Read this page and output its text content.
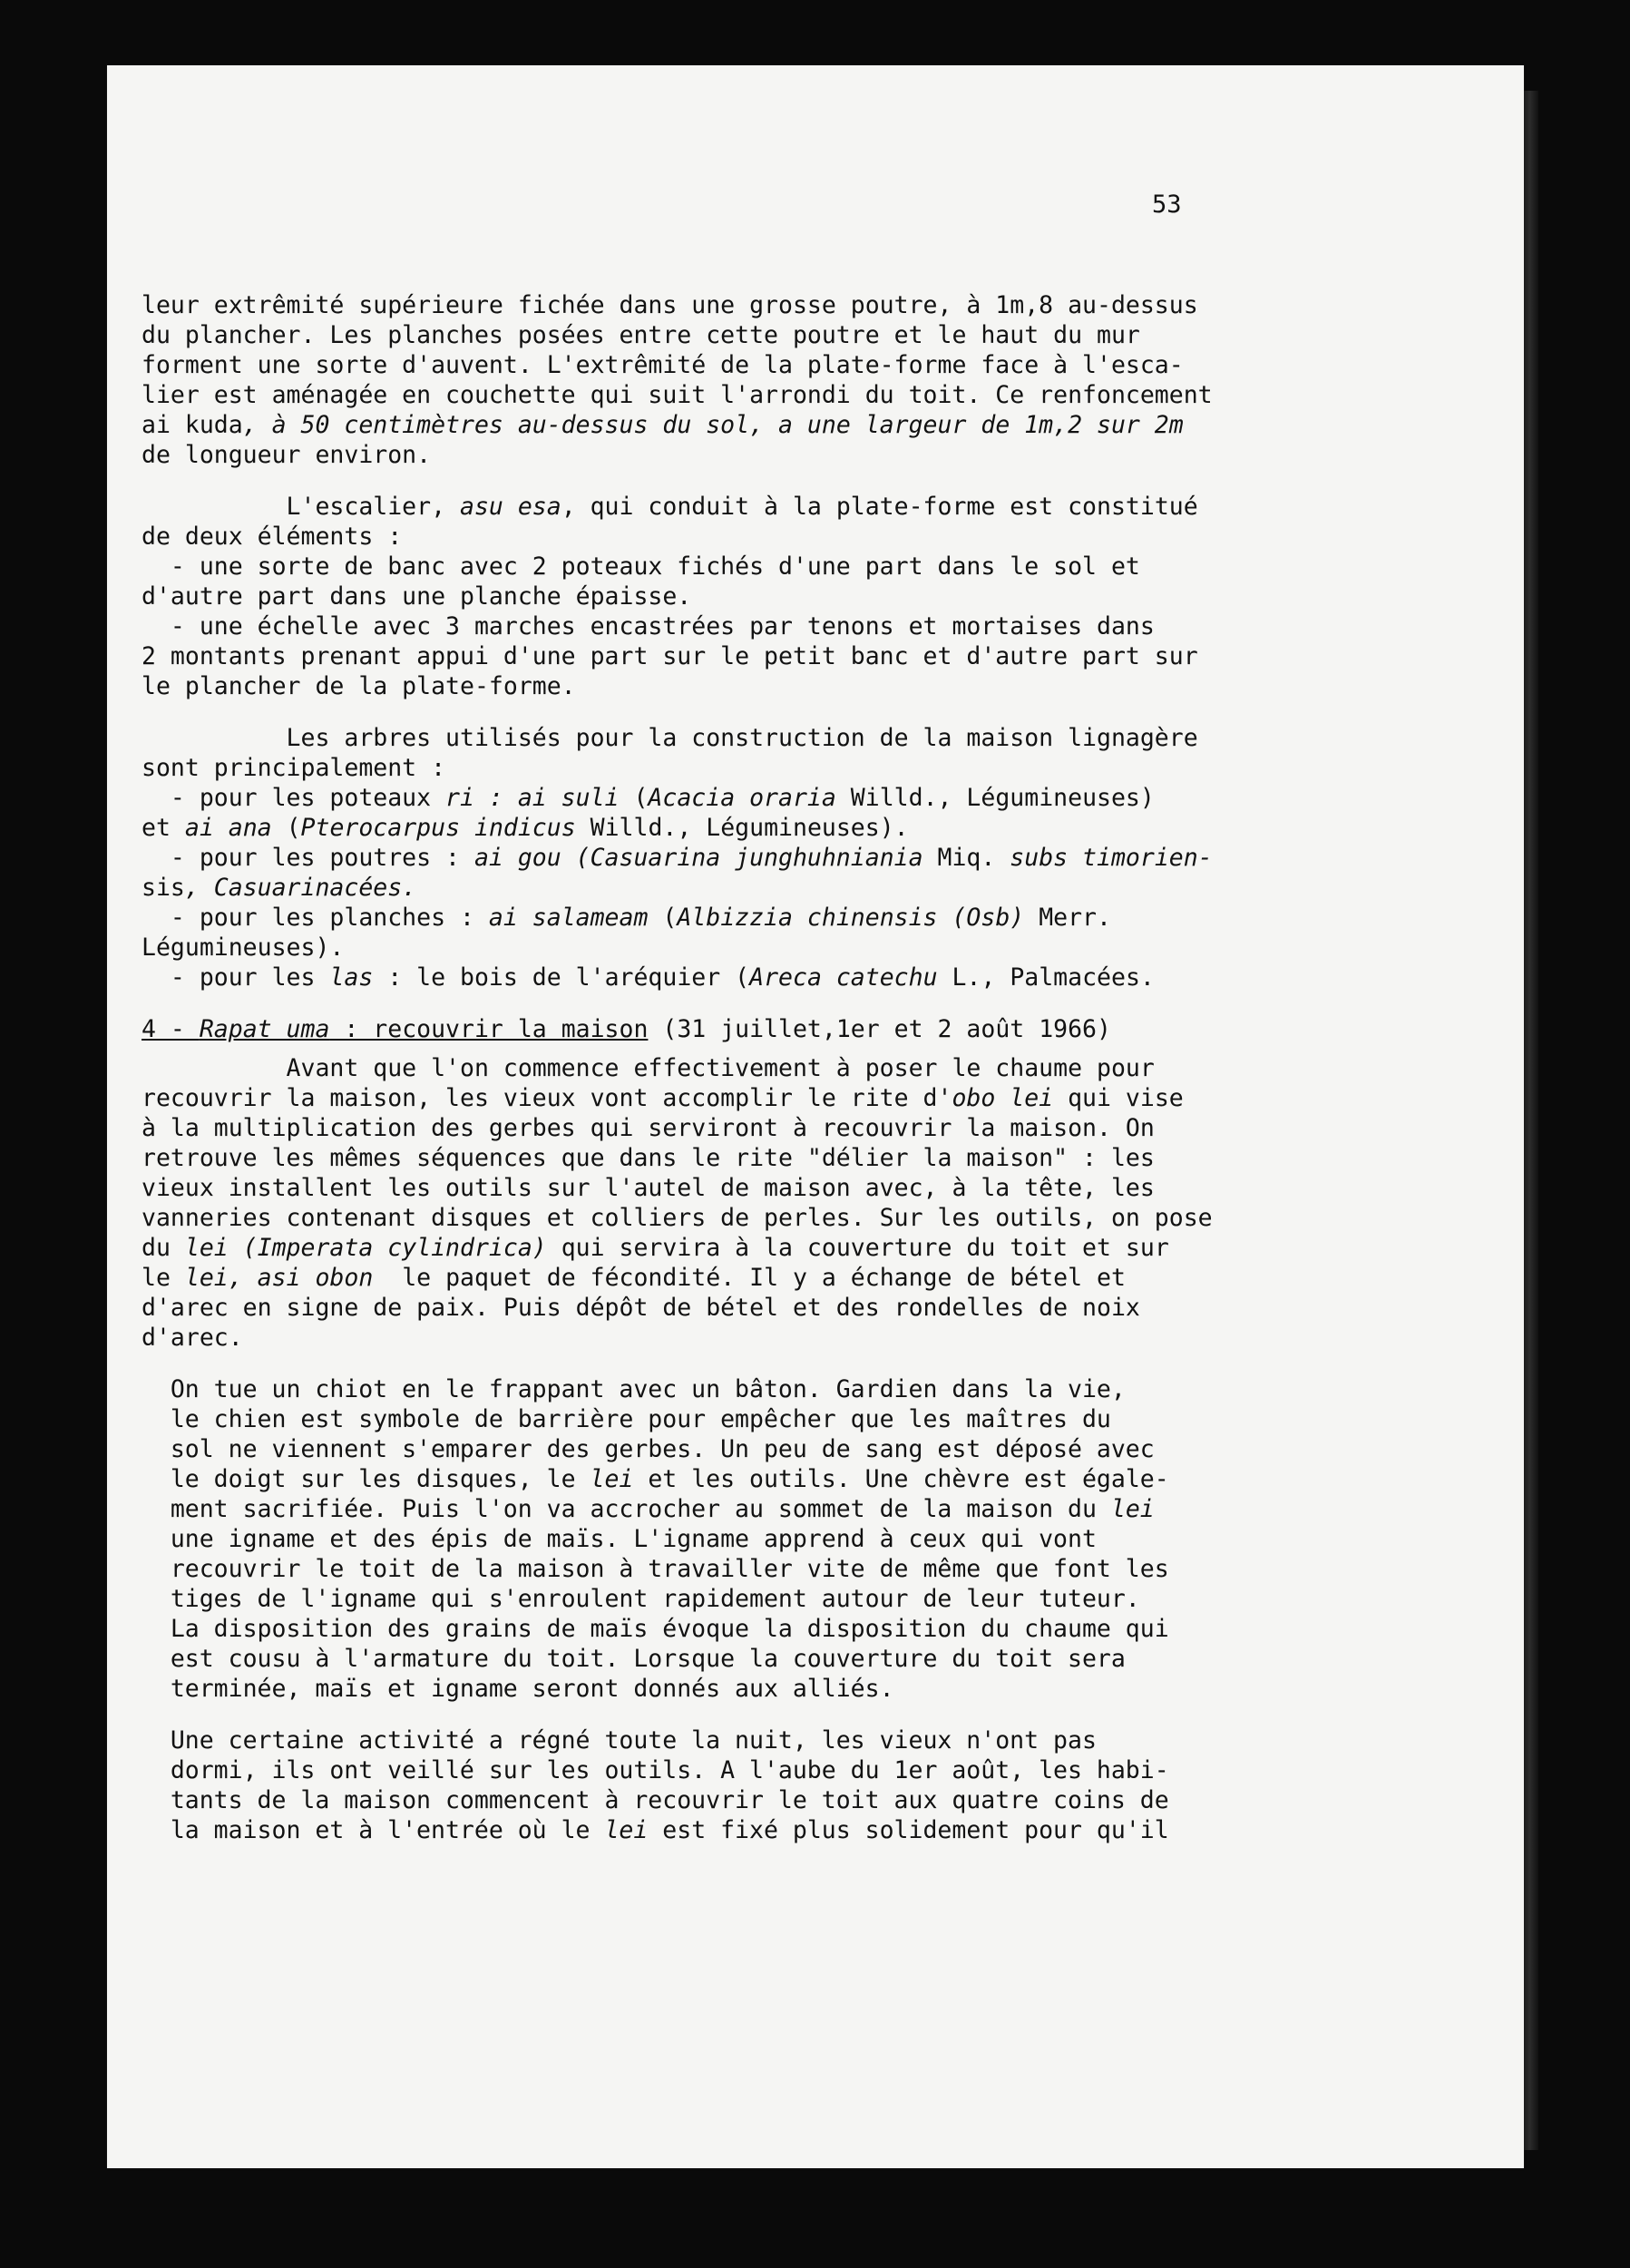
53
leur extrêmité supérieure fichée dans une grosse poutre, à 1m,8 au-dessus
du plancher. Les planches posées entre cette poutre et le haut du mur
forment une sorte d'auvent. L'extrêmité de la plate-forme face à l'esca-
lier est aménagée en couchette qui suit l'arrondi du toit. Ce renfoncement
ai kuda, à 50 centimètres au-dessus du sol, a une largeur de 1m,2 sur 2m
de longueur environ.
L'escalier, asu esa, qui conduit à la plate-forme est constitué
de deux éléments :
- une sorte de banc avec 2 poteaux fichés d'une part dans le sol et
d'autre part dans une planche épaisse.
- une échelle avec 3 marches encastrées par tenons et mortaises dans
2 montants prenant appui d'une part sur le petit banc et d'autre part sur
le plancher de la plate-forme.
Les arbres utilisés pour la construction de la maison lignagère
sont principalement :
- pour les poteaux ri : ai suli (Acacia oraria Willd., Légumineuses)
et ai ana (Pterocarpus indicus Willd., Légumineuses).
- pour les poutres : ai gou (Casuarina junghuhniania Miq. subs timorien-
sis, Casuarinacées.
- pour les planches : ai salameam (Albizzia chinensis (Osb) Merr.
Légumineuses).
- pour les las : le bois de l'aréquier (Areca catechu L., Palmacées.
4 - Rapat uma : recouvrir la maison (31 juillet,1er et 2 août 1966)
Avant que l'on commence effectivement à poser le chaume pour
recouvrir la maison, les vieux vont accomplir le rite d'obo lei qui vise
à la multiplication des gerbes qui serviront à recouvrir la maison. On
retrouve les mêmes séquences que dans le rite "délier la maison" : les
vieux installent les outils sur l'autel de maison avec, à la tête, les
vanneries contenant disques et colliers de perles. Sur les outils, on pose
du lei (Imperata cylindrica) qui servira à la couverture du toit et sur
le lei, asi obon  le paquet de fécondité. Il y a échange de bétel et
d'arec en signe de paix. Puis dépôt de bétel et des rondelles de noix
d'arec.
On tue un chiot en le frappant avec un bâton. Gardien dans la vie,
le chien est symbole de barrière pour empêcher que les maîtres du
sol ne viennent s'emparer des gerbes. Un peu de sang est déposé avec
le doigt sur les disques, le lei et les outils. Une chèvre est égale-
ment sacrifiée. Puis l'on va accrocher au sommet de la maison du lei
une igname et des épis de maïs. L'igname apprend à ceux qui vont
recouvrir le toit de la maison à travailler vite de même que font les
tiges de l'igname qui s'enroulent rapidement autour de leur tuteur.
La disposition des grains de maïs évoque la disposition du chaume qui
est cousu à l'armature du toit. Lorsque la couverture du toit sera
terminée, maïs et igname seront donnés aux alliés.
Une certaine activité a régné toute la nuit, les vieux n'ont pas
dormi, ils ont veillé sur les outils. A l'aube du 1er août, les habi-
tants de la maison commencent à recouvrir le toit aux quatre coins de
la maison et à l'entrée où le lei est fixé plus solidement pour qu'il
